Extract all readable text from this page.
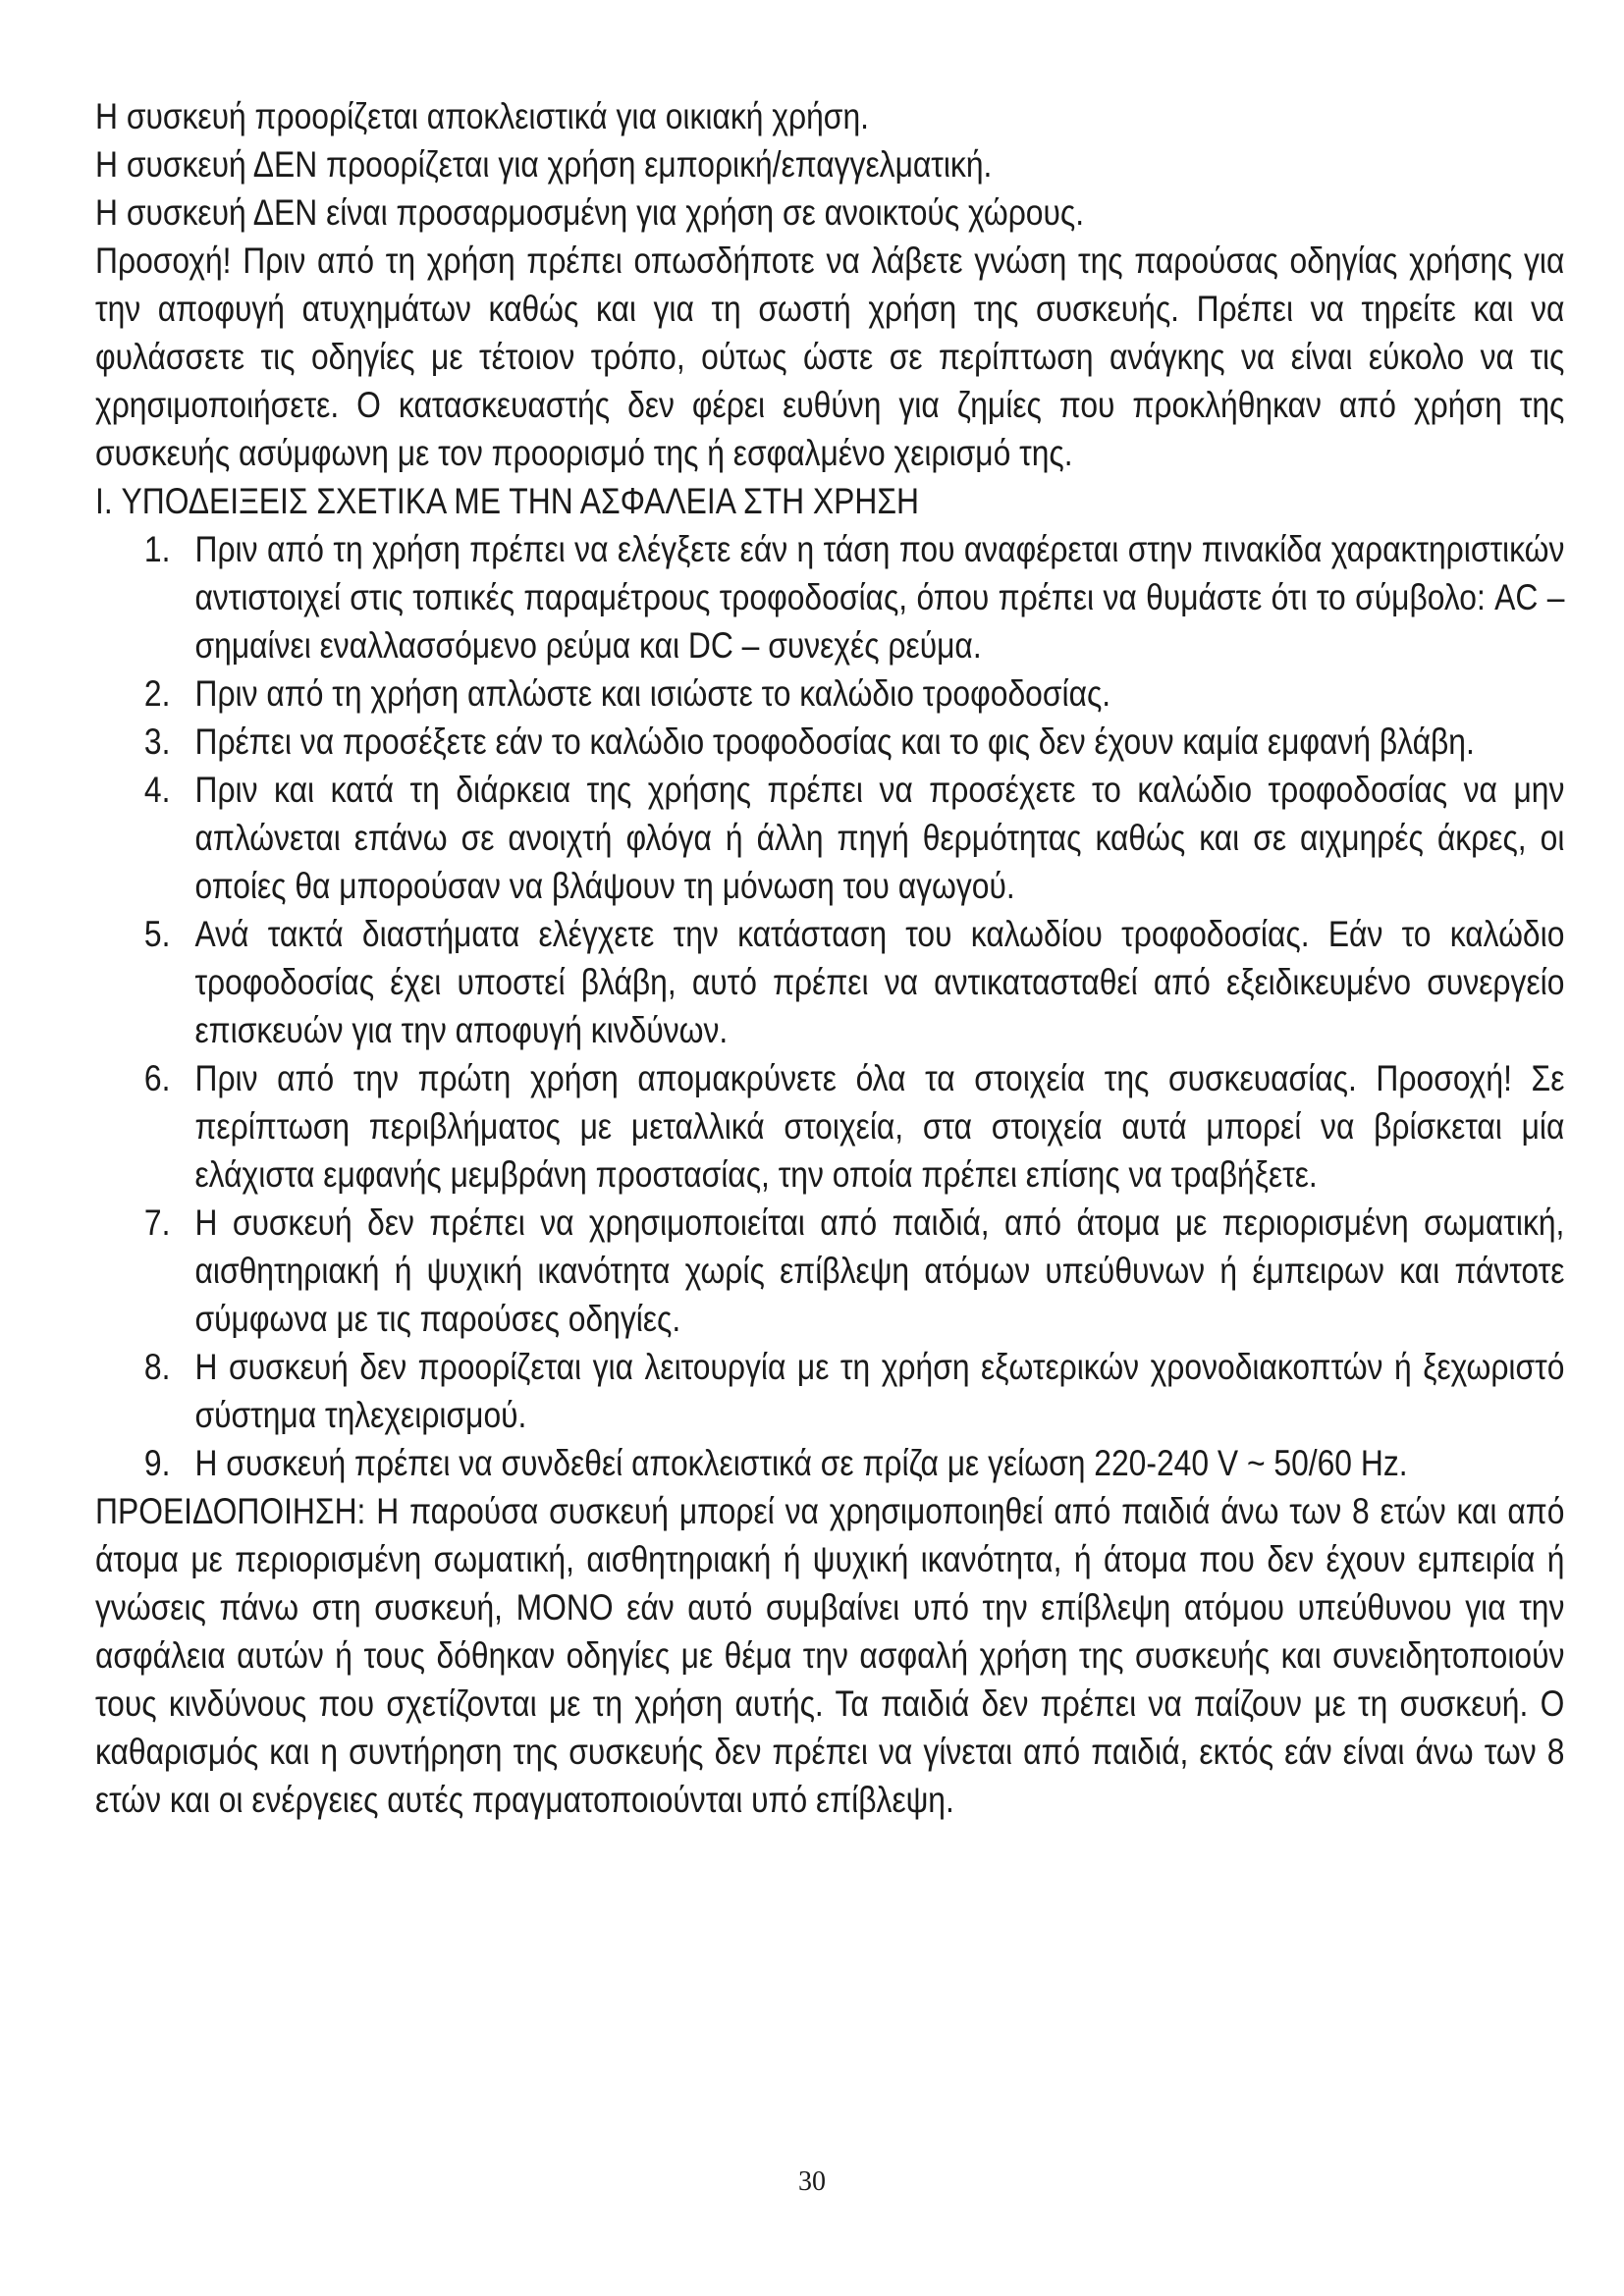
Η συσκευή προορίζεται αποκλειστικά για οικιακή χρήση.

Η συσκευή ΔΕΝ προορίζεται για χρήση εμπορική/επαγγελματική.

Η συσκευή ΔΕΝ είναι προσαρμοσμένη για χρήση σε ανοικτούς χώρους.

Προσοχή! Πριν από τη χρήση πρέπει οπωσδήποτε να λάβετε γνώση της παρούσας οδηγίας χρήσης για την αποφυγή ατυχημάτων καθώς και για τη σωστή χρήση της συσκευής. Πρέπει να τηρείτε και να φυλάσσετε τις οδηγίες με τέτοιον τρόπο, ούτως ώστε σε περίπτωση ανάγκης να είναι εύκολο να τις χρησιμοποιήσετε. Ο κατασκευαστής δεν φέρει ευθύνη για ζημίες που προκλήθηκαν από χρήση της συσκευής ασύμφωνη με τον προορισμό της ή εσφαλμένο χειρισμό της.

I. ΥΠΟΔΕΙΞΕΙΣ ΣΧΕΤΙΚΑ ΜΕ ΤΗΝ ΑΣΦΑΛΕΙΑ ΣΤΗ ΧΡΗΣΗ

1. Πριν από τη χρήση πρέπει να ελέγξετε εάν η τάση που αναφέρεται στην πινακίδα χαρακτηριστικών αντιστοιχεί στις τοπικές παραμέτρους τροφοδοσίας, όπου πρέπει να θυμάστε ότι το σύμβολο: AC – σημαίνει εναλλασσόμενο ρεύμα και DC – συνεχές ρεύμα.
2. Πριν από τη χρήση απλώστε και ισιώστε το καλώδιο τροφοδοσίας.
3. Πρέπει να προσέξετε εάν το καλώδιο τροφοδοσίας και το φις δεν έχουν καμία εμφανή βλάβη.
4. Πριν και κατά τη διάρκεια της χρήσης πρέπει να προσέχετε το καλώδιο τροφοδοσίας να μην απλώνεται επάνω σε ανοιχτή φλόγα ή άλλη πηγή θερμότητας καθώς και σε αιχμηρές άκρες, οι οποίες θα μπορούσαν να βλάψουν τη μόνωση του αγωγού.
5. Ανά τακτά διαστήματα ελέγχετε την κατάσταση του καλωδίου τροφοδοσίας. Εάν το καλώδιο τροφοδοσίας έχει υποστεί βλάβη, αυτό πρέπει να αντικατασταθεί από εξειδικευμένο συνεργείο επισκευών για την αποφυγή κινδύνων.
6. Πριν από την πρώτη χρήση απομακρύνετε όλα τα στοιχεία της συσκευασίας. Προσοχή! Σε περίπτωση περιβλήματος με μεταλλικά στοιχεία, στα στοιχεία αυτά μπορεί να βρίσκεται μία ελάχιστα εμφανής μεμβράνη προστασίας, την οποία πρέπει επίσης να τραβήξετε.
7. Η συσκευή δεν πρέπει να χρησιμοποιείται από παιδιά, από άτομα με περιορισμένη σωματική, αισθητηριακή ή ψυχική ικανότητα χωρίς επίβλεψη ατόμων υπεύθυνων ή έμπειρων και πάντοτε σύμφωνα με τις παρούσες οδηγίες.
8. Η συσκευή δεν προορίζεται για λειτουργία με τη χρήση εξωτερικών χρονοδιακοπτών ή ξεχωριστό σύστημα τηλεχειρισμού.
9. Η συσκευή πρέπει να συνδεθεί αποκλειστικά σε πρίζα με γείωση 220-240 V ~ 50/60 Hz.

ΠΡΟΕΙΔΟΠΟΙΗΣΗ: Η παρούσα συσκευή μπορεί να χρησιμοποιηθεί από παιδιά άνω των 8 ετών και από άτομα με περιορισμένη σωματική, αισθητηριακή ή ψυχική ικανότητα, ή άτομα που δεν έχουν εμπειρία ή γνώσεις πάνω στη συσκευή, ΜΟΝΟ εάν αυτό συμβαίνει υπό την επίβλεψη ατόμου υπεύθυνου για την ασφάλεια αυτών ή τους δόθηκαν οδηγίες με θέμα την ασφαλή χρήση της συσκευής και συνειδητοποιούν τους κινδύνους που σχετίζονται με τη χρήση αυτής. Τα παιδιά δεν πρέπει να παίζουν με τη συσκευή. Ο καθαρισμός και η συντήρηση της συσκευής δεν πρέπει να γίνεται από παιδιά, εκτός εάν είναι άνω των 8 ετών και οι ενέργειες αυτές πραγματοποιούνται υπό επίβλεψη.

30
